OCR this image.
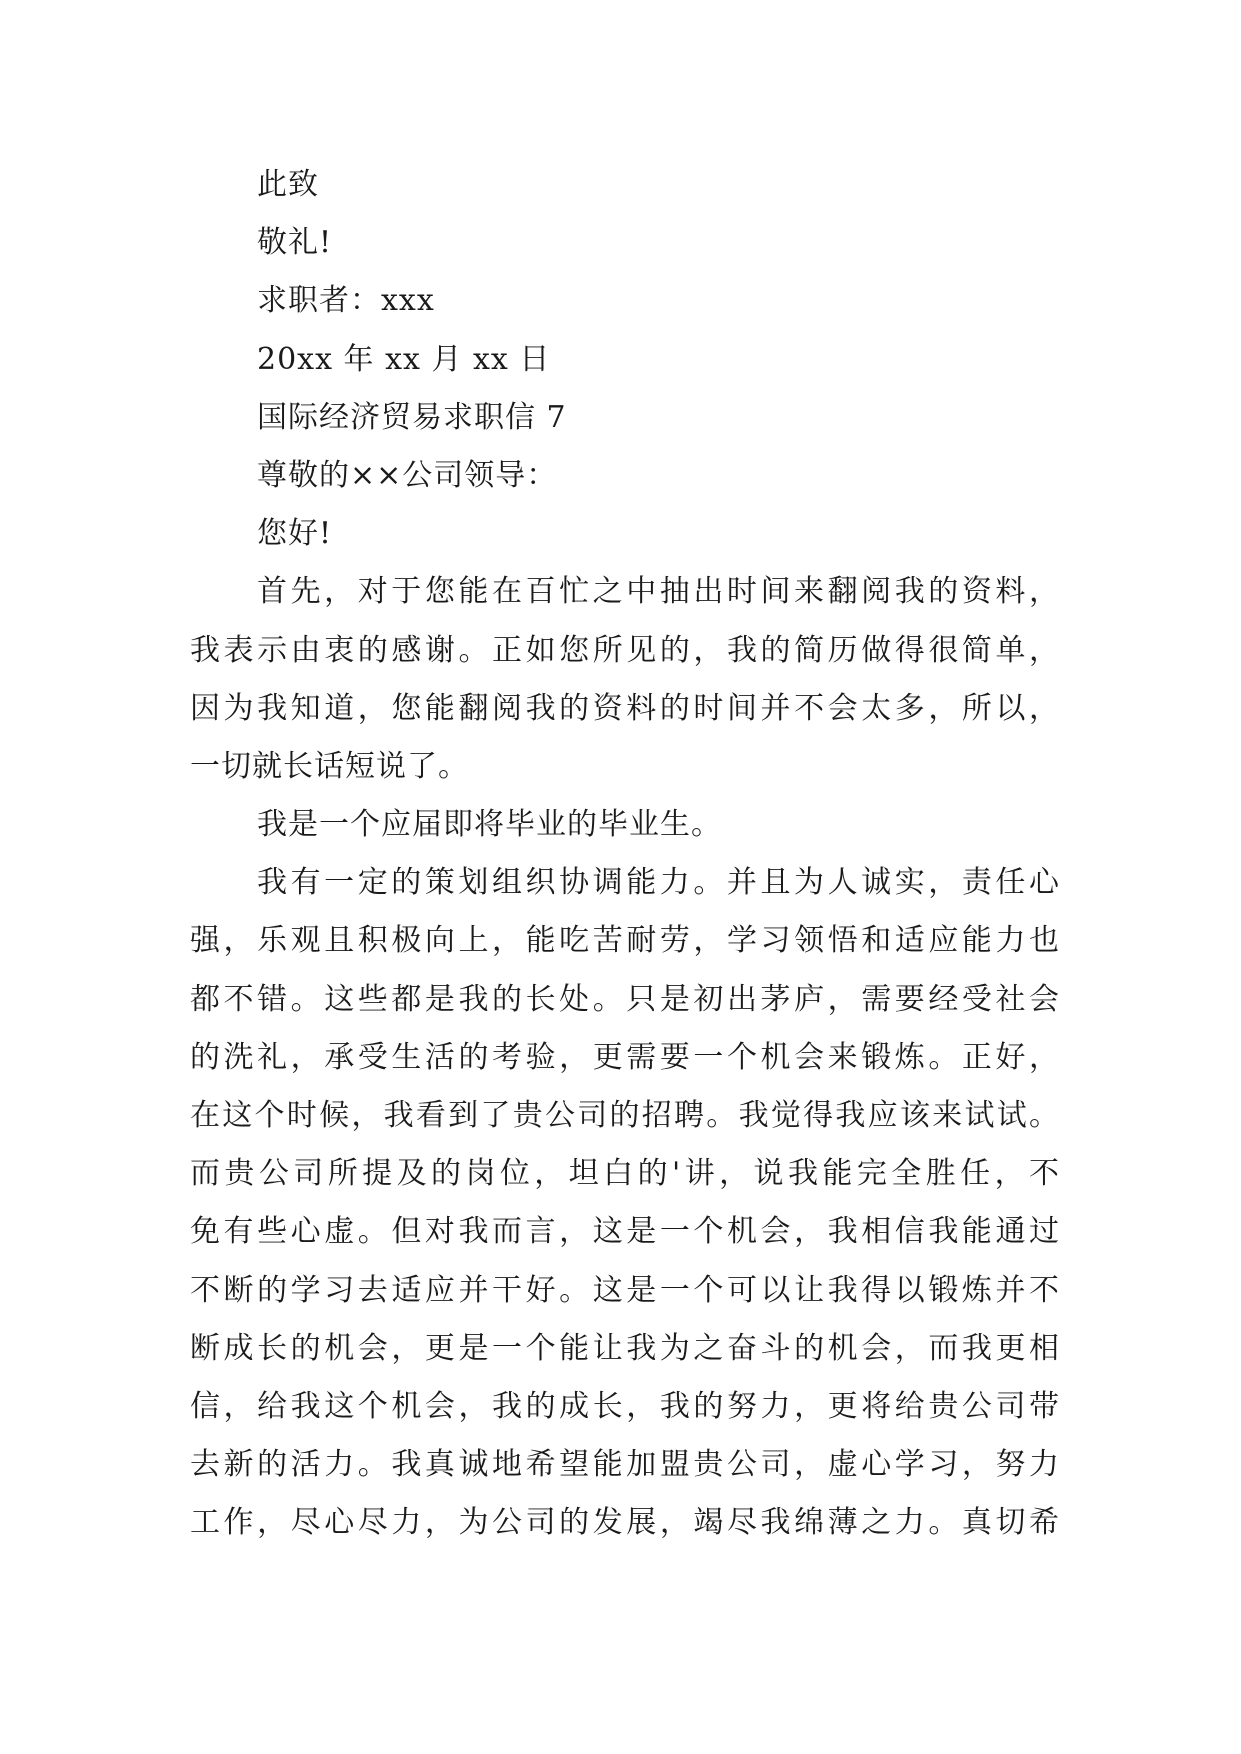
此致
敬礼!
求职者：xxx
20xx 年 xx 月 xx 日
国际经济贸易求职信 7
尊敬的××公司领导：
您好!
首先，对于您能在百忙之中抽出时间来翻阅我的资料，
我表示由衷的感谢。正如您所见的，我的简历做得很简单，
因为我知道，您能翻阅我的资料的时间并不会太多，所以，
一切就长话短说了。
我是一个应届即将毕业的毕业生。
我有一定的策划组织协调能力。并且为人诚实，责任心
强，乐观且积极向上，能吃苦耐劳，学习领悟和适应能力也
都不错。这些都是我的长处。只是初出茅庐，需要经受社会
的洗礼，承受生活的考验，更需要一个机会来锻炼。正好，
在这个时候，我看到了贵公司的招聘。我觉得我应该来试试。
而贵公司所提及的岗位，坦白的'讲，说我能完全胜任，不
免有些心虚。但对我而言，这是一个机会，我相信我能通过
不断的学习去适应并干好。这是一个可以让我得以锻炼并不
断成长的机会，更是一个能让我为之奋斗的机会，而我更相
信，给我这个机会，我的成长，我的努力，更将给贵公司带
去新的活力。我真诚地希望能加盟贵公司，虚心学习，努力
工作，尽心尽力，为公司的发展，竭尽我绵薄之力。真切希
